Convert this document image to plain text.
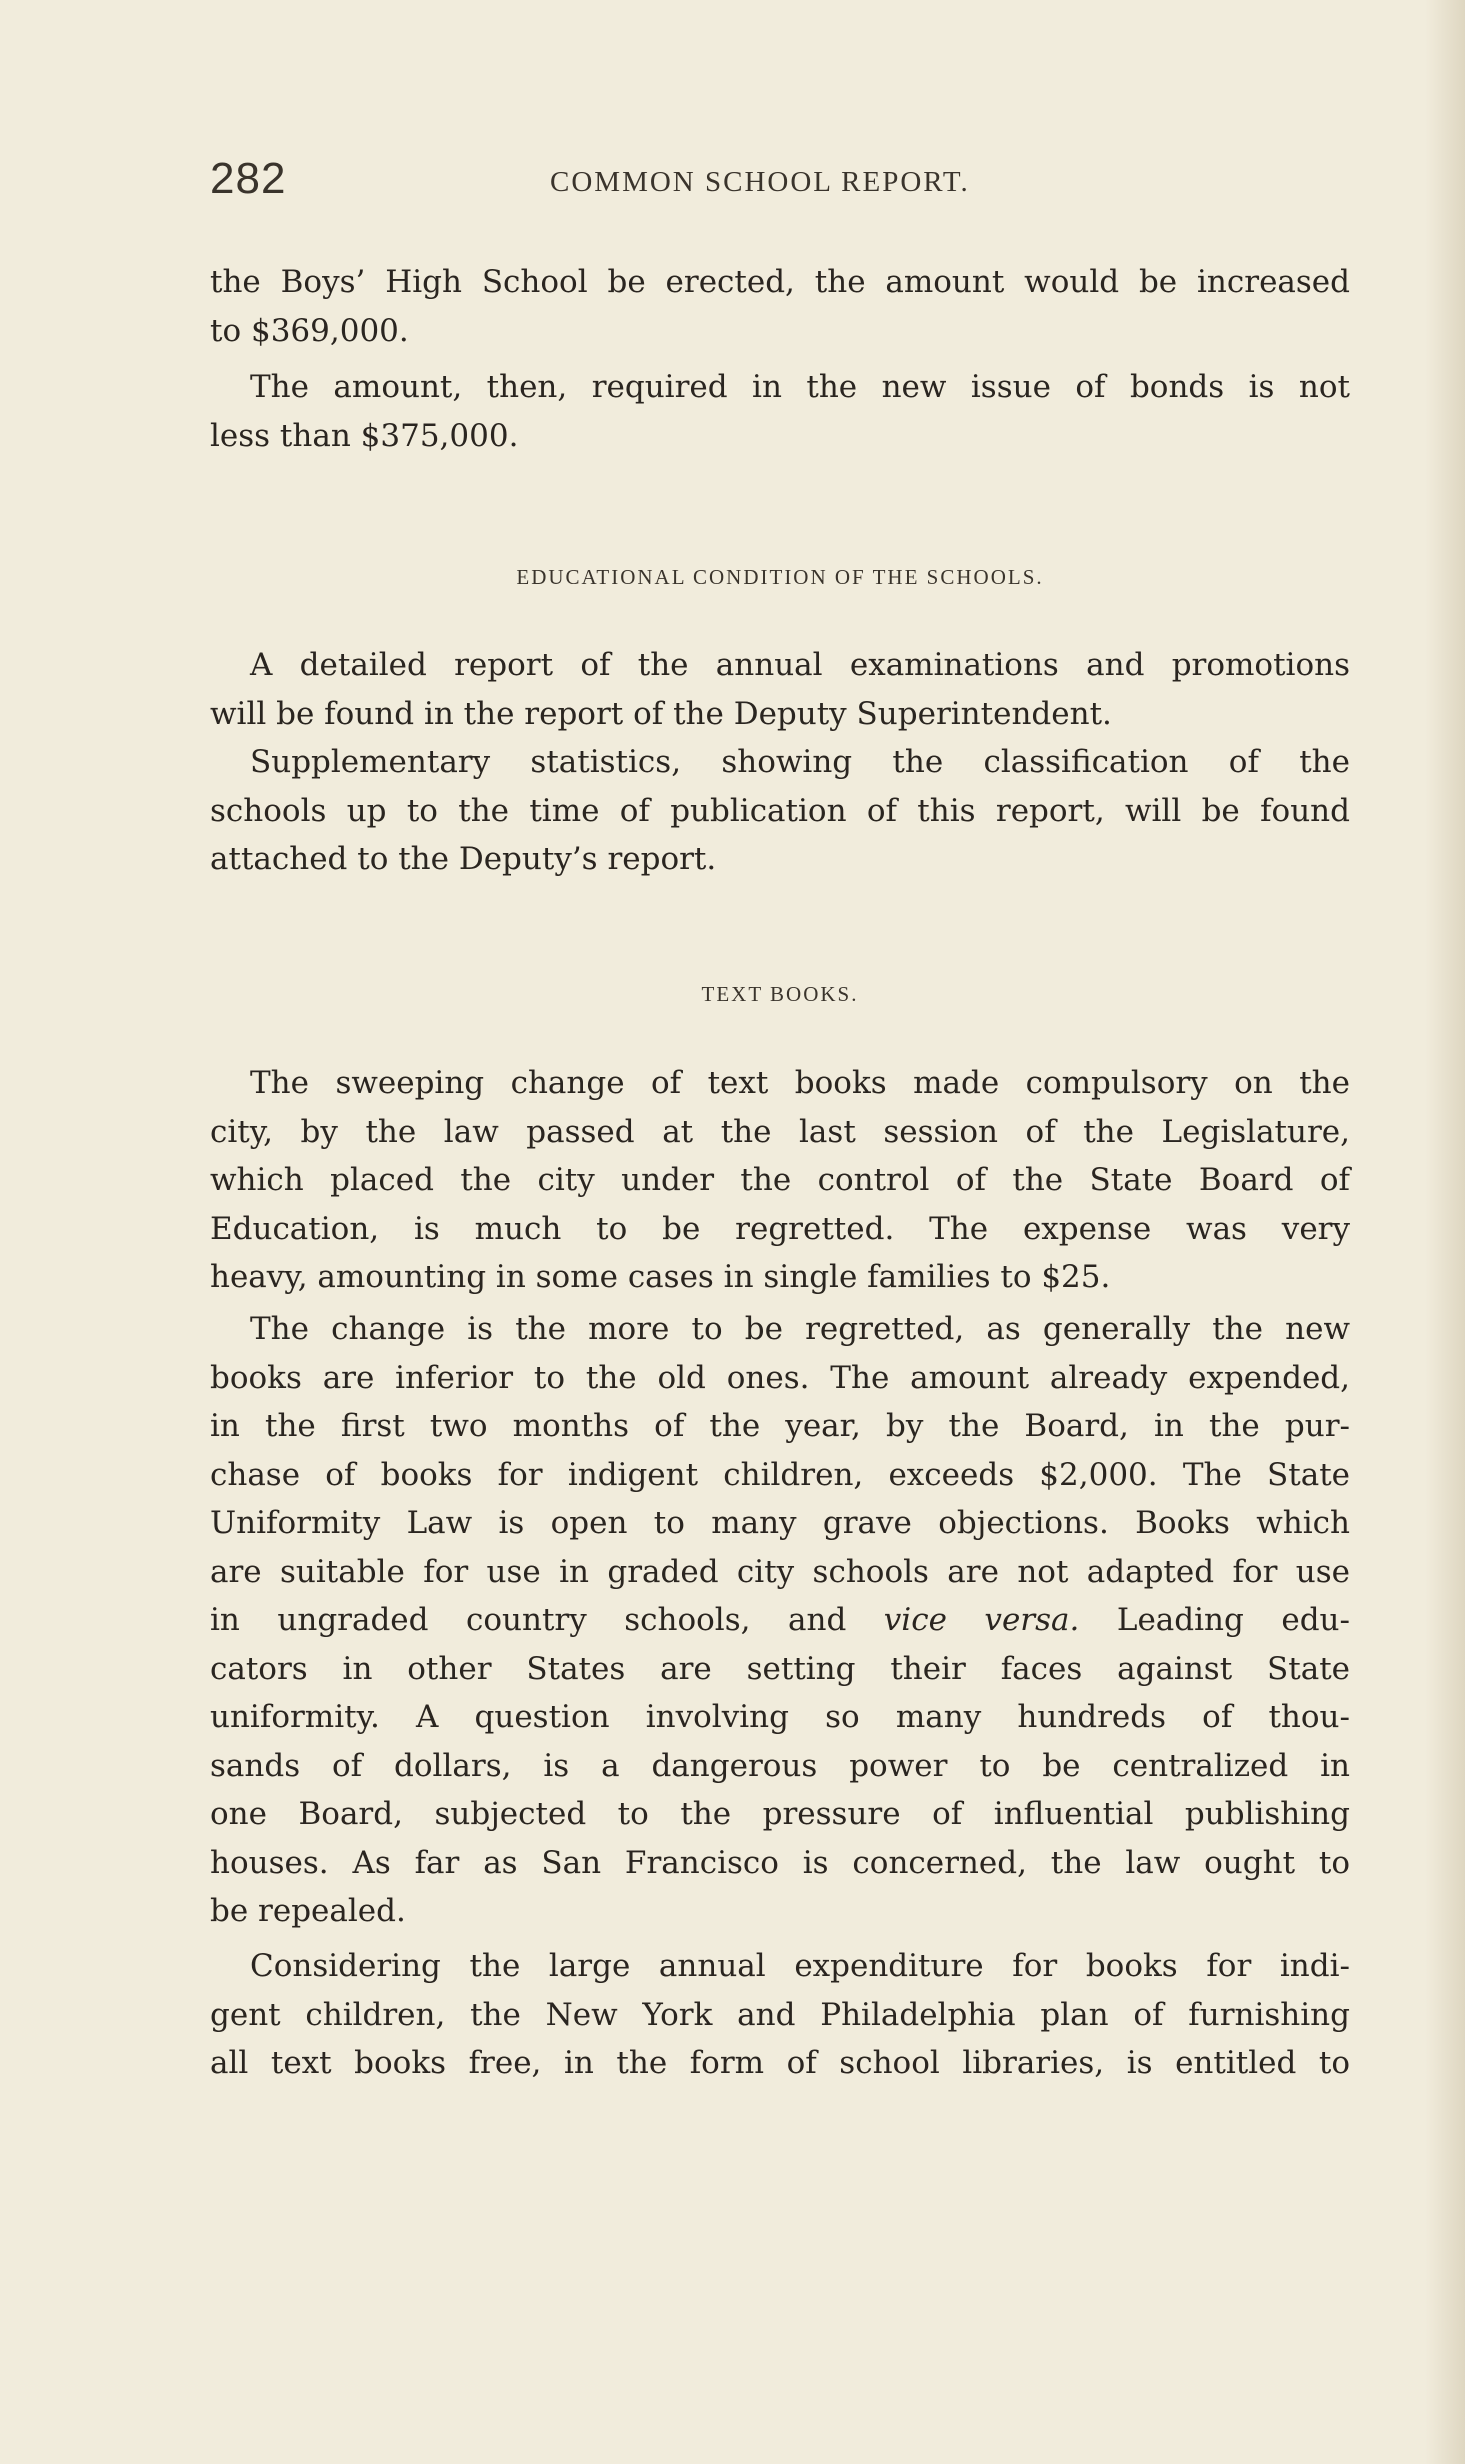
282	COMMON SCHOOL REPORT.

the Boys’ High School be erected, the amount would be increased
to $369,000.

The amount, then, required in the new issue of bonds is not
less than $375,000.

EDUCATIONAL CONDITION OF THE SCHOOLS.

A detailed report of the annual examinations and promotions
will be found in the report of the Deputy Superintendent.

Supplementary statistics, showing the classification of the
schools up to the time of publication of this report, will be found
attached to the Deputy’s report.

TEXT BOOKS.

The sweeping change of text books made compulsory on the
city, by the law passed at the last session of the Legislature,
which placed the city under the control of the State Board of
Education, is much to be regretted. The expense was very
heavy, amounting in some cases in single families to $25.

The change is the more to be regretted, as generally the new
books are inferior to the old ones. The amount already expended,
in the first two months of the year, by the Board, in the pur-
chase of books for indigent children, exceeds $2,000. The State
Uniformity Law is open to many grave objections. Books which
are suitable for use in graded city schools are not adapted for use
in ungraded country schools, and vice versa. Leading edu-
cators in other States are setting their faces against State
uniformity. A question involving so many hundreds of thou-
sands of dollars, is a dangerous power to be centralized in
one Board, subjected to the pressure of influential publishing
houses. As far as San Francisco is concerned, the law ought to
be repealed.

Considering the large annual expenditure for books for indi-
gent children, the New York and Philadelphia plan of furnishing
all text books free, in the form of school libraries, is entitled to
